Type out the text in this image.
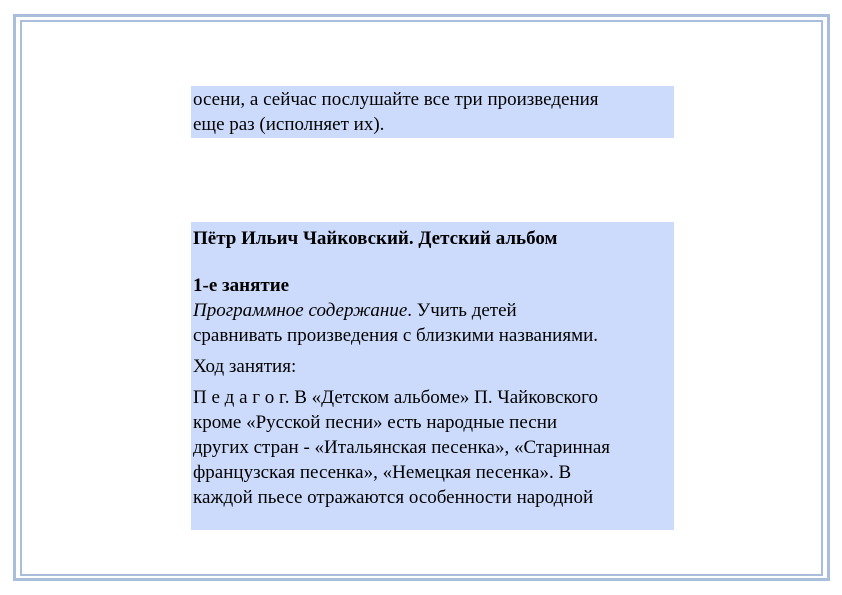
осени, а сейчас послушайте все три произведения
еще раз (исполняет их).
Пётр Ильич Чайковский. Детский альбом
1-е занятие
Программное содержание. Учить детей
сравнивать произведения с близкими названиями.
Ход занятия:
П е д а г о г. В «Детском альбоме» П. Чайковского
кроме «Русской песни» есть народные песни
других стран - «Итальянская песенка», «Старинная
французская песенка», «Немецкая песенка». В
каждой пьесе отражаются особенности народной
